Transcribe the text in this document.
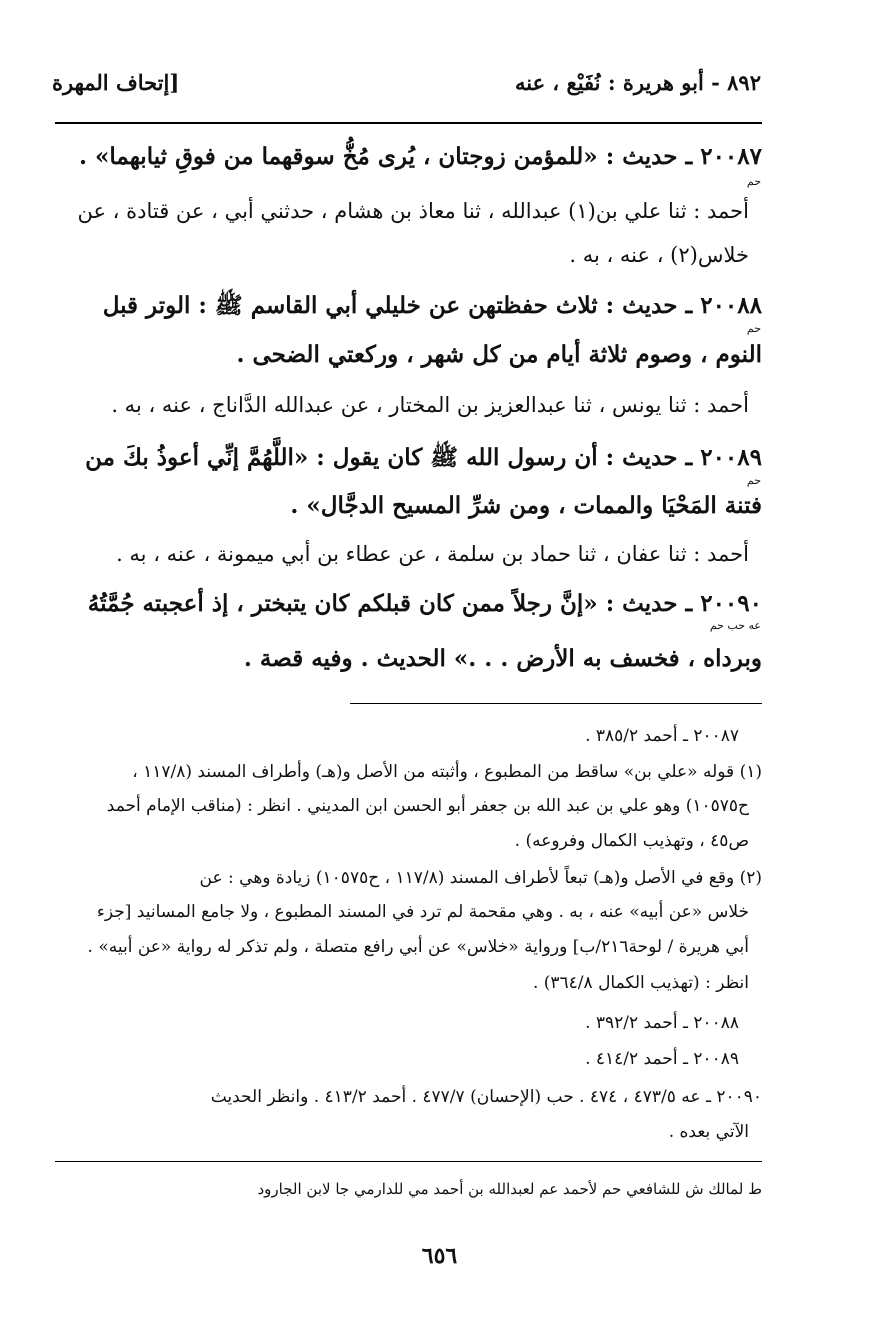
٨٩٢ - أبو هريرة : نُفَيْع ، عنه
[إتحاف المهرة
٢٠٠٨٧ ـ حديث : «للمؤمن زوجتان ، يُرى مُخُّ سوقهما من فوقِ ثيابهما» .
حم
أحمد : ثنا علي بن(١) عبدالله ، ثنا معاذ بن هشام ، حدثني أبي ، عن قتادة ، عن
خلاس(٢) ، عنه ، به .
٢٠٠٨٨ ـ حديث : ثلاث حفظتهن عن خليلي أبي القاسم ﷺ : الوتر قبل
حم
النوم ، وصوم ثلاثة أيام من كل شهر ، وركعتي الضحى .
أحمد : ثنا يونس ، ثنا عبدالعزيز بن المختار ، عن عبدالله الدَّاناج ، عنه ، به .
٢٠٠٨٩ ـ حديث : أن رسول الله ﷺ كان يقول : «اللَّهُمَّ إنِّي أعوذُ بكَ من
حم
فتنة المَحْيَا والممات ، ومن شرِّ المسيح الدجَّال» .
أحمد : ثنا عفان ، ثنا حماد بن سلمة ، عن عطاء بن أبي ميمونة ، عنه ، به .
٢٠٠٩٠ ـ حديث : «إنَّ رجلاً ممن كان قبلكم كان يتبختر ، إذ أعجبته جُمَّتُهُ
عه حب حم
وبرداه ، فخسف به الأرض . . .» الحديث . وفيه قصة .
٢٠٠٨٧ ـ أحمد ٣٨٥/٢ .
(١) قوله «علي بن» ساقط من المطبوع ، وأثبته من الأصل و(هـ) وأطراف المسند (١١٧/٨ ،
ح١٠٥٧٥) وهو علي بن عبد الله بن جعفر أبو الحسن ابن المديني . انظر : (مناقب الإمام أحمد
ص٤٥ ، وتهذيب الكمال وفروعه) .
(٢) وقع في الأصل و(هـ) تبعاً لأطراف المسند (١١٧/٨ ، ح١٠٥٧٥) زيادة وهي : عن
خلاس «عن أبيه» عنه ، به . وهي مقحمة لم ترد في المسند المطبوع ، ولا جامع المسانيد [جزء
أبي هريرة / لوحة٢١٦/ب] ورواية «خلاس» عن أبي رافع متصلة ، ولم تذكر له رواية «عن أبيه» .
انظر : (تهذيب الكمال ٣٦٤/٨) .
٢٠٠٨٨ ـ أحمد ٣٩٢/٢ .
٢٠٠٨٩ ـ أحمد ٤١٤/٢ .
٢٠٠٩٠ ـ عه ٤٧٣/٥ ، ٤٧٤ . حب (الإحسان) ٤٧٧/٧ . أحمد ٤١٣/٢ . وانظر الحديث
الآتي بعده .
ط لمالك ش للشافعي حم لأحمد عم لعبدالله بن أحمد مي للدارمي جا لابن الجارود
٦٥٦
